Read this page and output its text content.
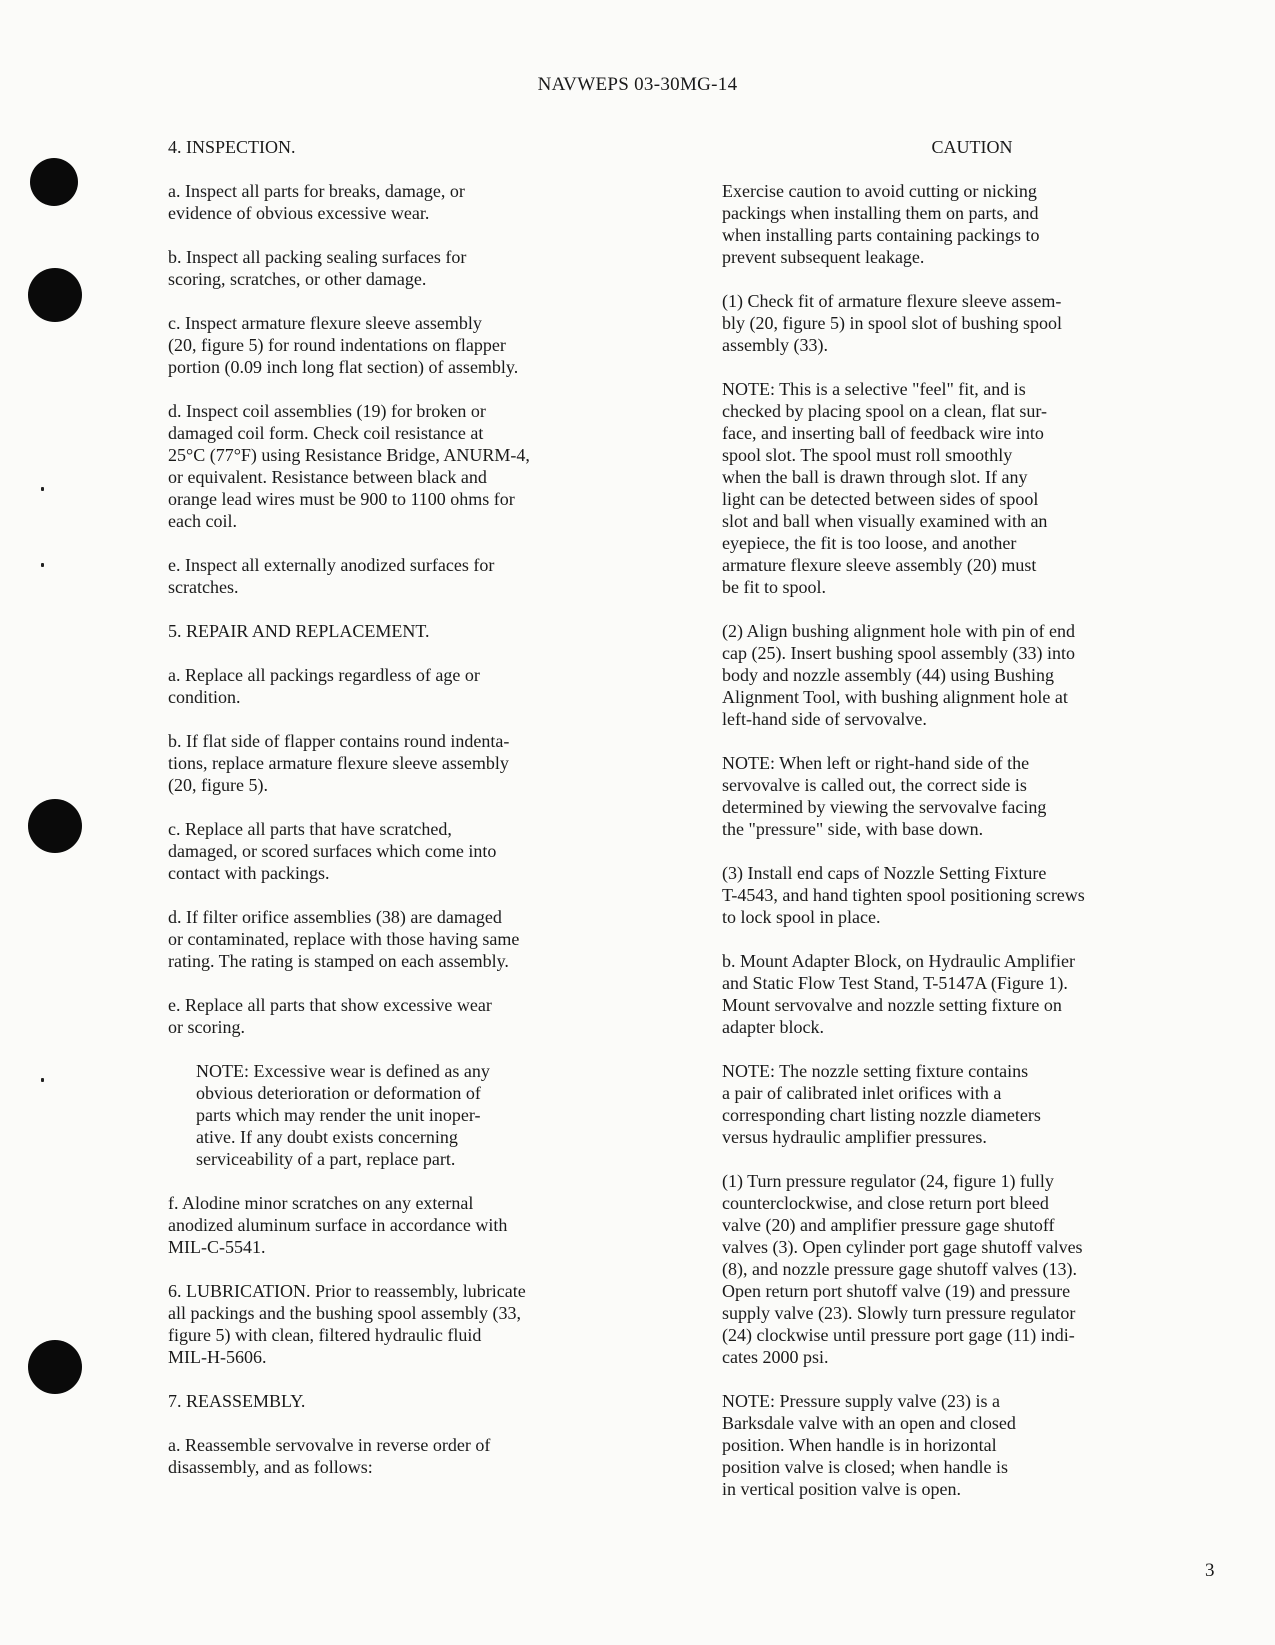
NAVWEPS 03-30MG-14

4. INSPECTION.

a. Inspect all parts for breaks, damage, or
evidence of obvious excessive wear.

b. Inspect all packing sealing surfaces for
scoring, scratches, or other damage.

c. Inspect armature flexure sleeve assembly
(20, figure 5) for round indentations on flapper
portion (0.09 inch long flat section) of assembly.

d. Inspect coil assemblies (19) for broken or
damaged coil form. Check coil resistance at
25°C (77°F) using Resistance Bridge, ANURM-4,
or equivalent. Resistance between black and
orange lead wires must be 900 to 1100 ohms for
each coil.

e. Inspect all externally anodized surfaces for
scratches.

5. REPAIR AND REPLACEMENT.

a. Replace all packings regardless of age or
condition.

b. If flat side of flapper contains round indenta-
tions, replace armature flexure sleeve assembly
(20, figure 5).

c. Replace all parts that have scratched,
damaged, or scored surfaces which come into
contact with packings.

d. If filter orifice assemblies (38) are damaged
or contaminated, replace with those having same
rating. The rating is stamped on each assembly.

e. Replace all parts that show excessive wear
or scoring.

NOTE: Excessive wear is defined as any
obvious deterioration or deformation of
parts which may render the unit inoper-
ative. If any doubt exists concerning
serviceability of a part, replace part.

f. Alodine minor scratches on any external
anodized aluminum surface in accordance with
MIL-C-5541.

6. LUBRICATION. Prior to reassembly, lubricate
all packings and the bushing spool assembly (33,
figure 5) with clean, filtered hydraulic fluid
MIL-H-5606.

7. REASSEMBLY.

a. Reassemble servovalve in reverse order of
disassembly, and as follows:

CAUTION

Exercise caution to avoid cutting or nicking
packings when installing them on parts, and
when installing parts containing packings to
prevent subsequent leakage.

(1) Check fit of armature flexure sleeve assem-
bly (20, figure 5) in spool slot of bushing spool
assembly (33).

NOTE: This is a selective "feel" fit, and is
checked by placing spool on a clean, flat sur-
face, and inserting ball of feedback wire into
spool slot. The spool must roll smoothly
when the ball is drawn through slot. If any
light can be detected between sides of spool
slot and ball when visually examined with an
eyepiece, the fit is too loose, and another
armature flexure sleeve assembly (20) must
be fit to spool.

(2) Align bushing alignment hole with pin of end
cap (25). Insert bushing spool assembly (33) into
body and nozzle assembly (44) using Bushing
Alignment Tool, with bushing alignment hole at
left-hand side of servovalve.

NOTE: When left or right-hand side of the
servovalve is called out, the correct side is
determined by viewing the servovalve facing
the "pressure" side, with base down.

(3) Install end caps of Nozzle Setting Fixture
T-4543, and hand tighten spool positioning screws
to lock spool in place.

b. Mount Adapter Block, on Hydraulic Amplifier
and Static Flow Test Stand, T-5147A (Figure 1).
Mount servovalve and nozzle setting fixture on
adapter block.

NOTE: The nozzle setting fixture contains
a pair of calibrated inlet orifices with a
corresponding chart listing nozzle diameters
versus hydraulic amplifier pressures.

(1) Turn pressure regulator (24, figure 1) fully
counterclockwise, and close return port bleed
valve (20) and amplifier pressure gage shutoff
valves (3). Open cylinder port gage shutoff valves
(8), and nozzle pressure gage shutoff valves (13).
Open return port shutoff valve (19) and pressure
supply valve (23). Slowly turn pressure regulator
(24) clockwise until pressure port gage (11) indi-
cates 2000 psi.

NOTE: Pressure supply valve (23) is a
Barksdale valve with an open and closed
position. When handle is in horizontal
position valve is closed; when handle is
in vertical position valve is open.

3
